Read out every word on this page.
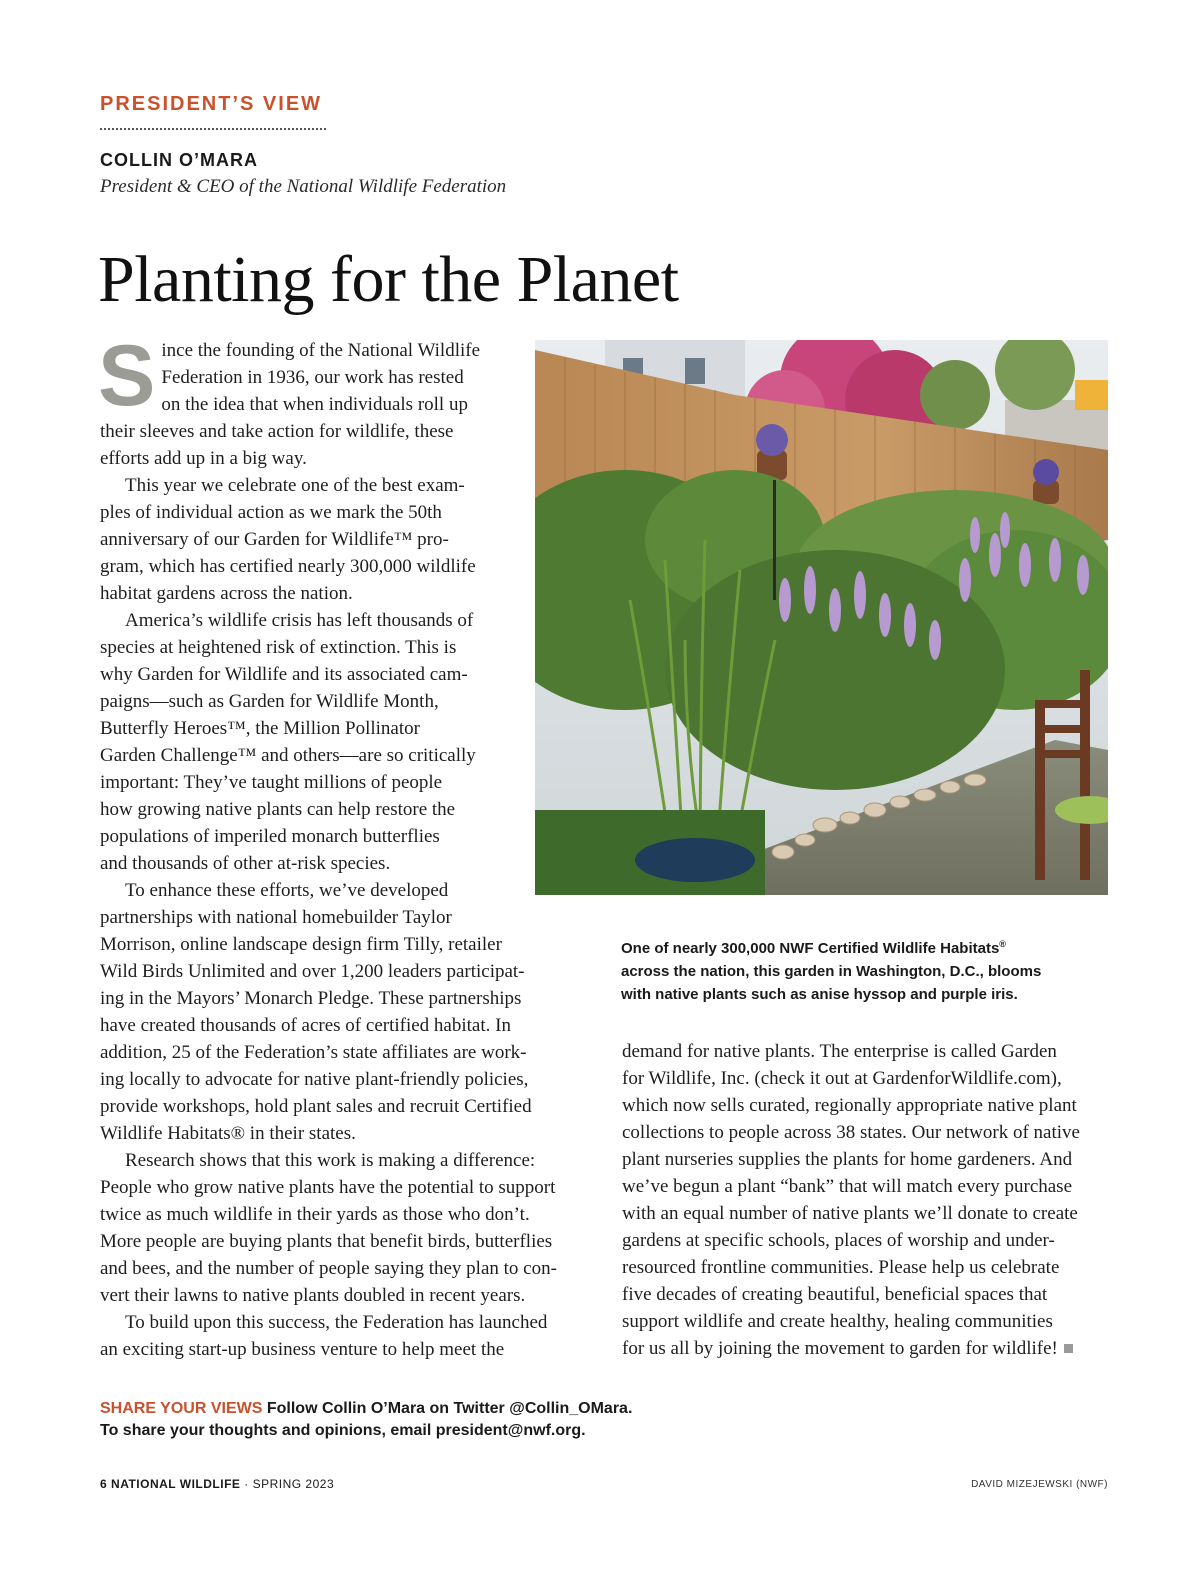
PRESIDENT’S VIEW
COLLIN O’MARA
President & CEO of the National Wildlife Federation
Planting for the Planet
S ince the founding of the National Wildlife
Federation in 1936, our work has rested
on the idea that when individuals roll up
their sleeves and take action for wildlife, these
efforts add up in a big way.
This year we celebrate one of the best exam-
ples of individual action as we mark the 50th
anniversary of our Garden for Wildlife™ pro-
gram, which has certified nearly 300,000 wildlife
habitat gardens across the nation.
America’s wildlife crisis has left thousands of
species at heightened risk of extinction. This is
why Garden for Wildlife and its associated cam-
paigns—such as Garden for Wildlife Month,
Butterfly Heroes™, the Million Pollinator
Garden Challenge™ and others—are so critically
important: They’ve taught millions of people
how growing native plants can help restore the
populations of imperiled monarch butterflies
and thousands of other at-risk species.
To enhance these efforts, we’ve developed
partnerships with national homebuilder Taylor
Morrison, online landscape design firm Tilly, retailer
Wild Birds Unlimited and over 1,200 leaders participat-
ing in the Mayors’ Monarch Pledge. These partnerships
have created thousands of acres of certified habitat. In
addition, 25 of the Federation’s state affiliates are work-
ing locally to advocate for native plant-friendly policies,
provide workshops, hold plant sales and recruit Certified
Wildlife Habitats® in their states.
Research shows that this work is making a difference:
People who grow native plants have the potential to support
twice as much wildlife in their yards as those who don’t.
More people are buying plants that benefit birds, butterflies
and bees, and the number of people saying they plan to con-
vert their lawns to native plants doubled in recent years.
To build upon this success, the Federation has launched
an exciting start-up business venture to help meet the
demand for native plants. The enterprise is called Garden
for Wildlife, Inc. (check it out at GardenforWildlife.com),
which now sells curated, regionally appropriate native plant
collections to people across 38 states. Our network of native
plant nurseries supplies the plants for home gardeners. And
we’ve begun a plant “bank” that will match every purchase
with an equal number of native plants we’ll donate to create
gardens at specific schools, places of worship and under-
resourced frontline communities. Please help us celebrate
five decades of creating beautiful, beneficial spaces that
support wildlife and create healthy, healing communities
for us all by joining the movement to garden for wildlife!
One of nearly 300,000 NWF Certified Wildlife Habitats®
across the nation, this garden in Washington, D.C., blooms
with native plants such as anise hyssop and purple iris.
SHARE YOUR VIEWS Follow Collin O’Mara on Twitter @Collin_OMara.
To share your thoughts and opinions, email president@nwf.org.
6 NATIONAL WILDLIFE · SPRING 2023	DAVID MIZEJEWSKI (NWF)
